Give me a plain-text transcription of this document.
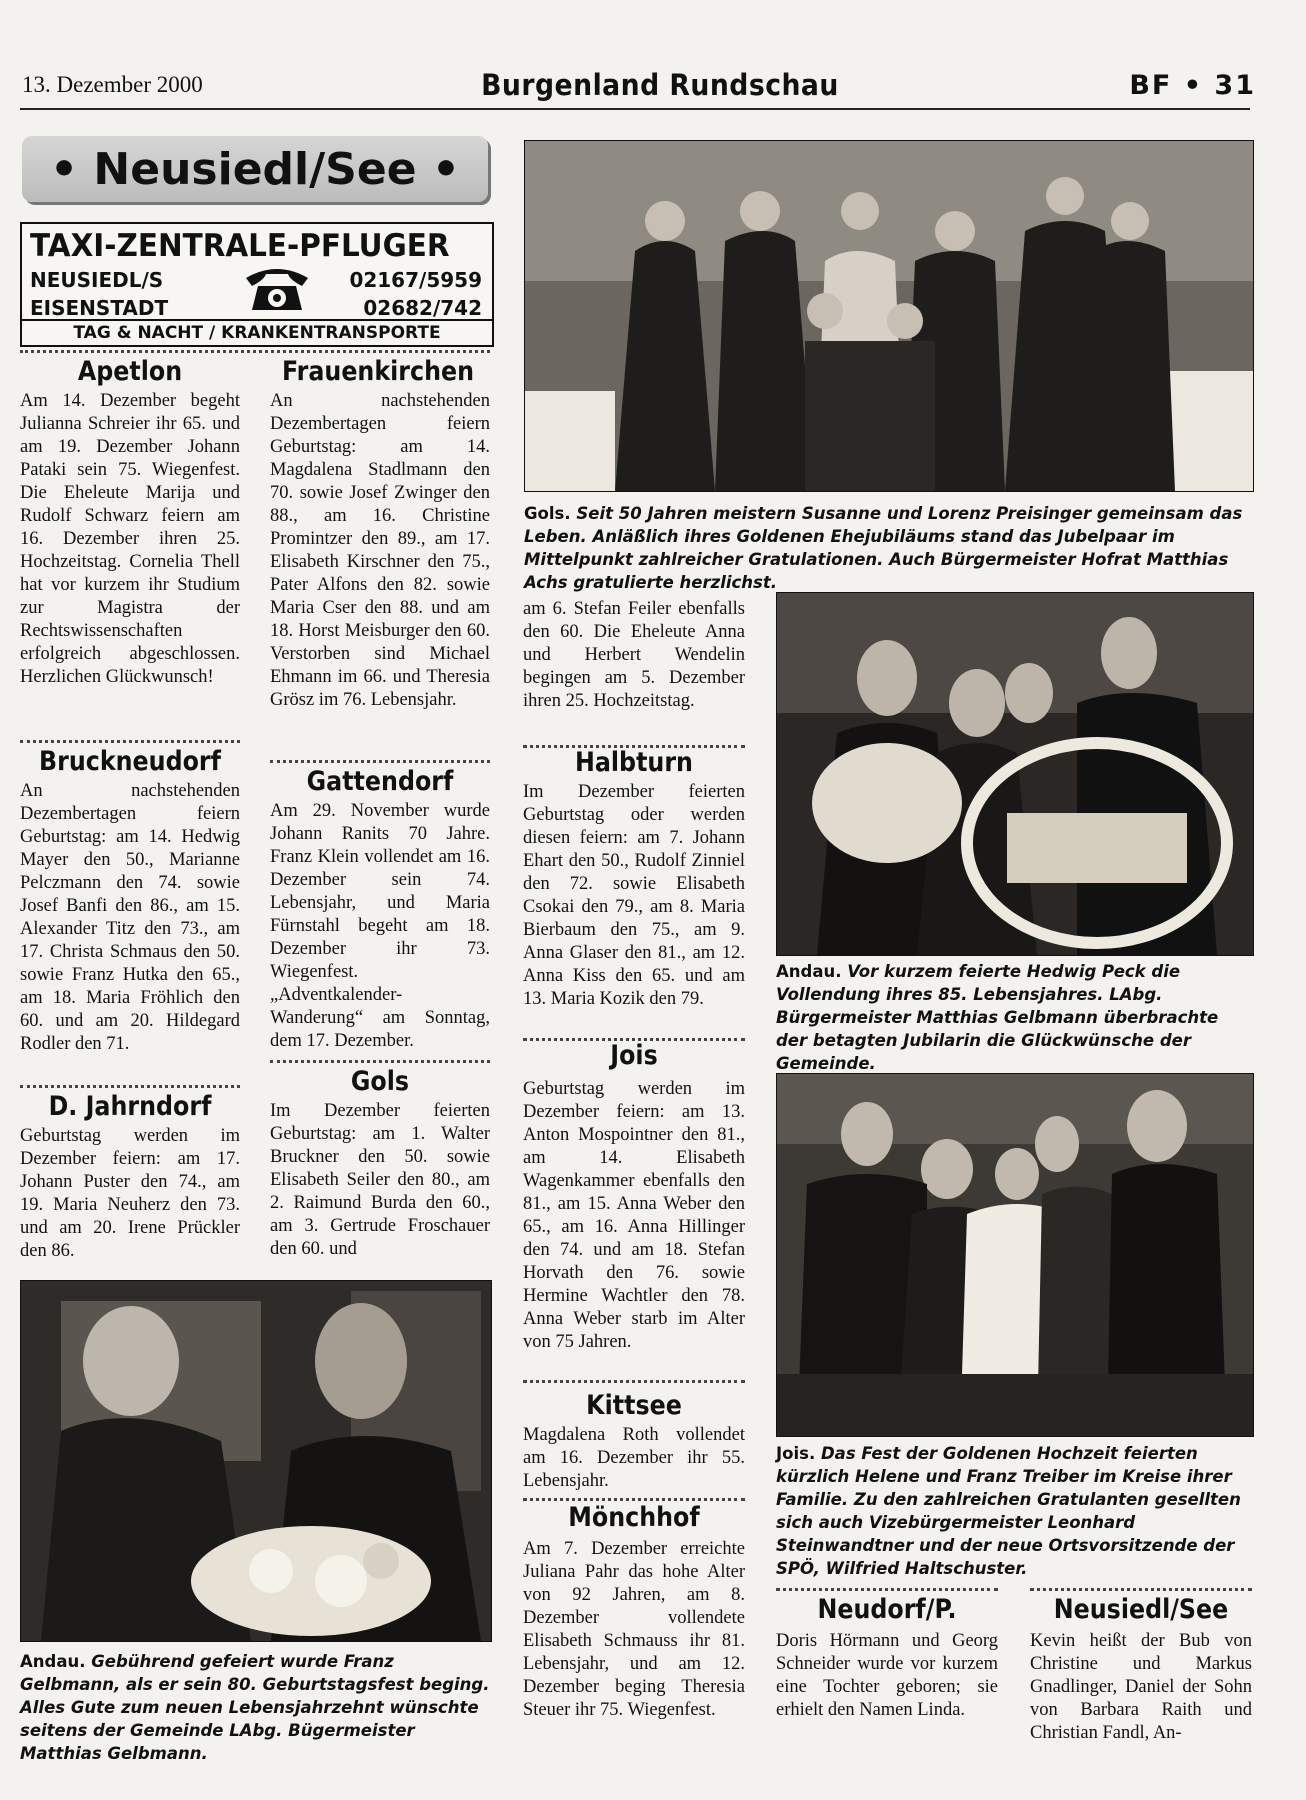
13. Dezember 2000	Burgenland Rundschau	BF • 31
• Neusiedl/See •
TAXI-ZENTRALE-PFLUGER
NEUSIEDL/S	02167/5959
EISENSTADT	02682/742
TAG & NACHT / KRANKENTRANSPORTE
Apetlon

Am 14. Dezember begeht Julianna Schreier ihr 65. und am 19. Dezember Johann Pataki sein 75. Wiegenfest. Die Eheleute Marija und Rudolf Schwarz feiern am 16. Dezember ihren 25. Hochzeitstag. Cornelia Thell hat vor kurzem ihr Studium zur Magistra der Rechtswissenschaften erfolgreich abgeschlossen. Herzlichen Glückwunsch!

Bruckneudorf

An nachstehenden Dezembertagen feiern Geburtstag: am 14. Hedwig Mayer den 50., Marianne Pelczmann den 74. sowie Josef Banfi den 86., am 15. Alexander Titz den 73., am 17. Christa Schmaus den 50. sowie Franz Hutka den 65., am 18. Maria Fröhlich den 60. und am 20. Hildegard Rodler den 71.

D. Jahrndorf

Geburtstag werden im Dezember feiern: am 17. Johann Puster den 74., am 19. Maria Neuherz den 73. und am 20. Irene Prückler den 86.

Frauenkirchen

An nachstehenden Dezembertagen feiern Geburtstag: am 14. Magdalena Stadlmann den 70. sowie Josef Zwinger den 88., am 16. Christine Promintzer den 89., am 17. Elisabeth Kirschner den 75., Pater Alfons den 82. sowie Maria Cser den 88. und am 18. Horst Meisburger den 60. Verstorben sind Michael Ehmann im 66. und Theresia Grösz im 76. Lebensjahr.

Gattendorf

Am 29. November wurde Johann Ranits 70 Jahre. Franz Klein vollendet am 16. Dezember sein 74. Lebensjahr, und Maria Fürnstahl begeht am 18. Dezember ihr 73. Wiegenfest. „Adventkalender-Wanderung“ am Sonntag, dem 17. Dezember.

Gols

Im Dezember feierten Geburtstag: am 1. Walter Bruckner den 50. sowie Elisabeth Seiler den 80., am 2. Raimund Burda den 60., am 3. Gertrude Froschauer den 60. und

Andau. Gebührend gefeiert wurde Franz Gelbmann, als er sein 80. Geburtstagsfest beging. Alles Gute zum neuen Lebensjahrzehnt wünschte seitens der Gemeinde LAbg. Bügermeister Matthias Gelbmann.
Gols. Seit 50 Jahren meistern Susanne und Lorenz Preisinger gemeinsam das Leben. Anläßlich ihres Goldenen Ehejubiläums stand das Jubelpaar im Mittelpunkt zahlreicher Gratulationen. Auch Bürgermeister Hofrat Matthias Achs gratulierte herzlichst.

am 6. Stefan Feiler ebenfalls den 60. Die Eheleute Anna und Herbert Wendelin begingen am 5. Dezember ihren 25. Hochzeitstag.

Halbturn

Im Dezember feierten Geburtstag oder werden diesen feiern: am 7. Johann Ehart den 50., Rudolf Zinniel den 72. sowie Elisabeth Csokai den 79., am 8. Maria Bierbaum den 75., am 9. Anna Glaser den 81., am 12. Anna Kiss den 65. und am 13. Maria Kozik den 79.

Jois

Geburtstag werden im Dezember feiern: am 13. Anton Mospointner den 81., am 14. Elisabeth Wagenkammer ebenfalls den 81., am 15. Anna Weber den 65., am 16. Anna Hillinger den 74. und am 18. Stefan Horvath den 76. sowie Hermine Wachtler den 78. Anna Weber starb im Alter von 75 Jahren.

Kittsee

Magdalena Roth vollendet am 16. Dezember ihr 55. Lebensjahr.

Mönchhof

Am 7. Dezember erreichte Juliana Pahr das hohe Alter von 92 Jahren, am 8. Dezember vollendete Elisabeth Schmauss ihr 81. Lebensjahr, und am 12. Dezember beging Theresia Steuer ihr 75. Wiegenfest.

Andau. Vor kurzem feierte Hedwig Peck die Vollendung ihres 85. Lebensjahres. LAbg. Bürgermeister Matthias Gelbmann überbrachte der betagten Jubilarin die Glückwünsche der Gemeinde.
Jois. Das Fest der Goldenen Hochzeit feierten kürzlich Helene und Franz Treiber im Kreise ihrer Familie. Zu den zahlreichen Gratulanten gesellten sich auch Vizebürgermeister Leonhard Steinwandtner und der neue Ortsvorsitzende der SPÖ, Wilfried Haltschuster.
Neudorf/P.

Doris Hörmann und Georg Schneider wurde vor kurzem eine Tochter geboren; sie erhielt den Namen Linda.

Neusiedl/See

Kevin heißt der Bub von Christine und Markus Gnadlinger, Daniel der Sohn von Barbara Raith und Christian Fandl, An-
